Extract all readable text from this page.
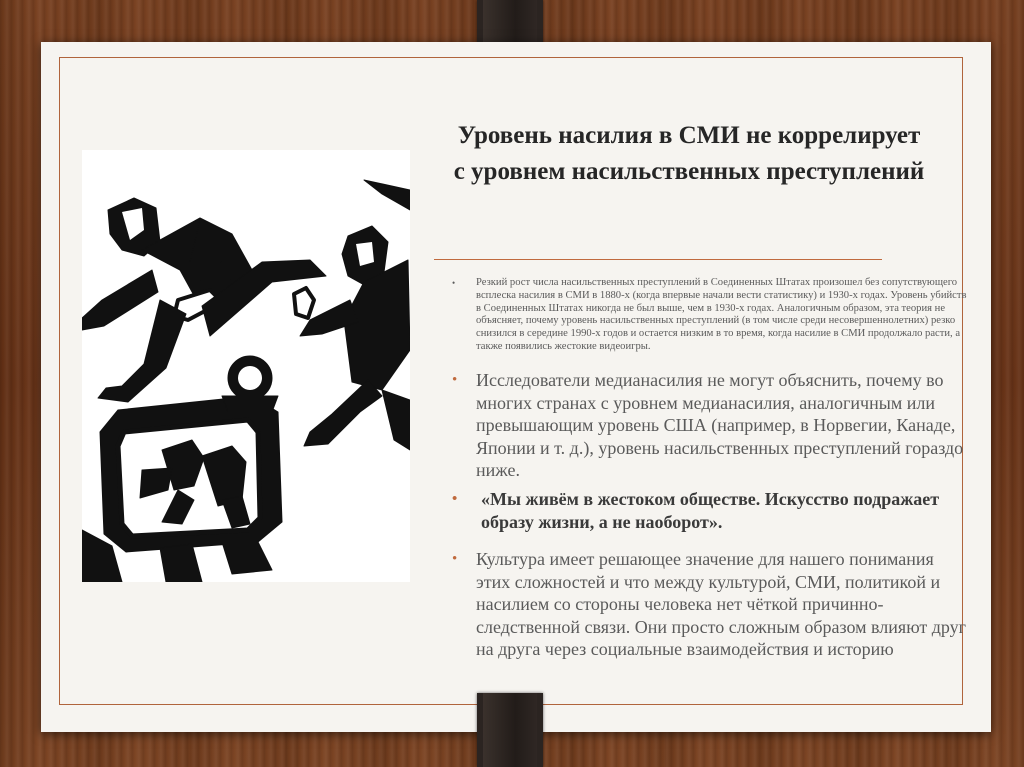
Уровень насилия в СМИ не коррелирует с уровнем насильственных преступлений
• Резкий рост числа насильственных преступлений в Соединенных Штатах произошел без сопутствующего всплеска насилия в СМИ в 1880-х (когда впервые начали вести статистику) и 1930-х годах. Уровень убийств в Соединенных Штатах никогда не был выше, чем в 1930-х годах. Аналогичным образом, эта теория не объясняет, почему уровень насильственных преступлений (в том числе среди несовершеннолетних) резко снизился в середине 1990-х годов и остается низким в то время, когда насилие в СМИ продолжало расти, а также появились жестокие видеоигры.
• Исследователи медианасилия не могут объяснить, почему во многих странах с уровнем медианасилия, аналогичным или превышающим уровень США (например, в Норвегии, Канаде, Японии и т. д.), уровень насильственных преступлений гораздо ниже.
• «Мы живём в жестоком обществе. Искусство подражает образу жизни, а не наоборот».
• Культура имеет решающее значение для нашего понимания этих сложностей и что между культурой, СМИ, политикой и насилием со стороны человека нет чёткой причинно-следственной связи. Они просто сложным образом влияют друг на друга через социальные взаимодействия и историю
